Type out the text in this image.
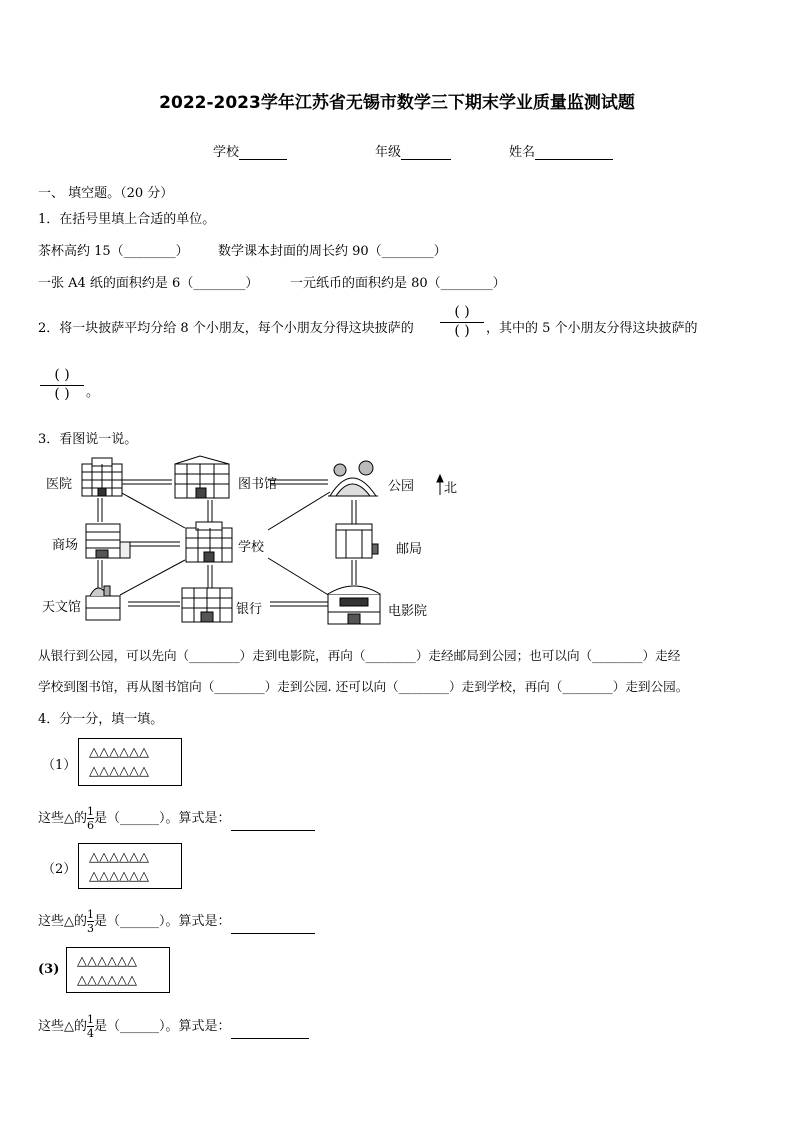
2022-2023学年江苏省无锡市数学三下期末学业质量监测试题
学校	年级	姓名
一、 填空题。（20 分）
1．在括号里填上合适的单位。
茶杯高约 15（________） 数学课本封面的周长约 90（________）
一张 A4 纸的面积约是 6（________） 一元纸币的面积约是 80（________）
2．将一块披萨平均分给 8 个小朋友，每个小朋友分得这块披萨的
( )
( )	，其中的 5 个小朋友分得这块披萨的
( )
( )	。
3．看图说一说。
医院	图书馆	公园 北
商场	学校	邮局
天文馆	银行	电影院
从银行到公园，可以先向（________）走到电影院，再向（________）走经邮局到公园；也可以向（________）走经
学校到图书馆，再从图书馆向（________）走到公园. 还可以向（________）走到学校，再向（________）走到公园。
4．分一分，填一填。
（1）
△△△△△△
△△△△△△
这些△的 $\frac{1}{6}$ 是（______）。算式是：
（2）
△△△△△△
△△△△△△
这些△的 $\frac{1}{3}$ 是（______）。算式是：
(3)
△△△△△△
△△△△△△
这些△的 $\frac{1}{4}$ 是（______）。算式是：
